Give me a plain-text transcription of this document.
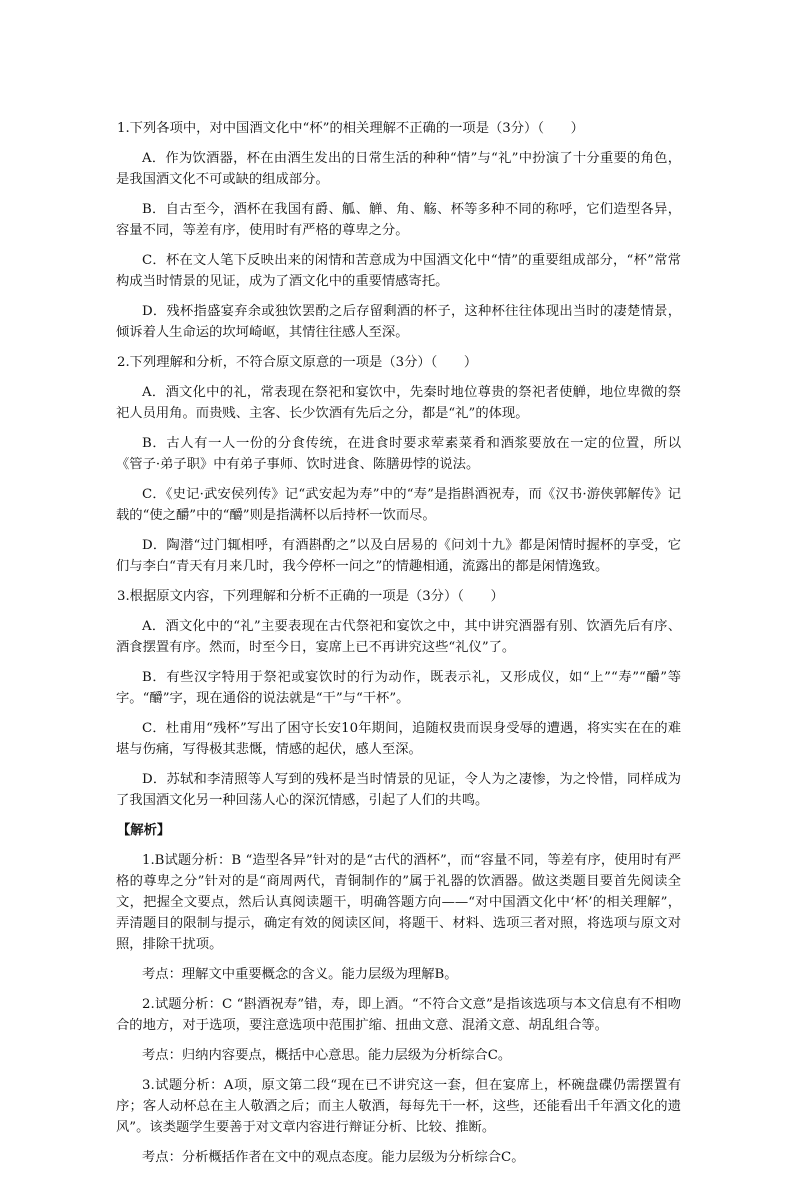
1.下列各项中，对中国酒文化中“杯”的相关理解不正确的一项是（3分）（　　）

A．作为饮酒器，杯在由酒生发出的日常生活的种种“情”与“礼”中扮演了十分重要的角色，是我国酒文化不可或缺的组成部分。

B．自古至今，酒杯在我国有爵、觚、觯、角、觞、杯等多种不同的称呼，它们造型各异，容量不同，等差有序，使用时有严格的尊卑之分。

C．杯在文人笔下反映出来的闲情和苦意成为中国酒文化中“情”的重要组成部分，“杯”常常构成当时情景的见证，成为了酒文化中的重要情感寄托。

D．残杯指盛宴弃余或独饮罢酌之后存留剩酒的杯子，这种杯往往体现出当时的凄楚情景，倾诉着人生命运的坎坷崎岖，其情往往感人至深。

2.下列理解和分析，不符合原文原意的一项是（3分）（　　）

A．酒文化中的礼，常表现在祭祀和宴饮中，先秦时地位尊贵的祭祀者使觯，地位卑微的祭祀人员用角。而贵贱、主客、长少饮酒有先后之分，都是“礼”的体现。

B．古人有一人一份的分食传统，在进食时要求荤素菜肴和酒浆要放在一定的位置，所以《管子·弟子职》中有弟子事师、饮时进食、陈膳毋悖的说法。

C．《史记·武安侯列传》记“武安起为寿”中的“寿”是指斟酒祝寿，而《汉书·游侠郭解传》记载的“使之釂”中的“釂”则是指满杯以后持杯一饮而尽。

D．陶潜“过门辄相呼，有酒斟酌之”以及白居易的《问刘十九》都是闲情时握杯的享受，它们与李白“青天有月来几时，我今停杯一问之”的情趣相通，流露出的都是闲情逸致。

3.根据原文内容，下列理解和分析不正确的一项是（3分）（　　）

A．酒文化中的“礼”主要表现在古代祭祀和宴饮之中，其中讲究酒器有别、饮酒先后有序、酒食摆置有序。然而，时至今日，宴席上已不再讲究这些“礼仪”了。

B．有些汉字特用于祭祀或宴饮时的行为动作，既表示礼，又形成仪，如“上”“寿”“釂”等字。“釂”字，现在通俗的说法就是“干”与“干杯”。

C．杜甫用“残杯”写出了困守长安10年期间，追随权贵而误身受辱的遭遇，将实实在在的难堪与伤痛，写得极其悲慨，情感的起伏，感人至深。

D．苏轼和李清照等人写到的残杯是当时情景的见证，令人为之凄惨，为之怜惜，同样成为了我国酒文化另一种回荡人心的深沉情感，引起了人们的共鸣。

【解析】

1.B试题分析：B “造型各异”针对的是“古代的酒杯”，而“容量不同，等差有序，使用时有严格的尊卑之分”针对的是“商周两代，青铜制作的”属于礼器的饮酒器。做这类题目要首先阅读全文，把握全文要点，然后认真阅读题干，明确答题方向——“对中国酒文化中‘杯’的相关理解”，弄清题目的限制与提示，确定有效的阅读区间，将题干、材料、选项三者对照，将选项与原文对照，排除干扰项。

考点：理解文中重要概念的含义。能力层级为理解B。

2.试题分析：C “斟酒祝寿”错，寿，即上酒。“不符合文意”是指该选项与本文信息有不相吻合的地方，对于选项，要注意选项中范围扩缩、扭曲文意、混淆文意、胡乱组合等。

考点：归纳内容要点，概括中心意思。能力层级为分析综合C。

3.试题分析：A项，原文第二段“现在已不讲究这一套，但在宴席上，杯碗盘碟仍需摆置有序；客人动杯总在主人敬酒之后；而主人敬酒，每每先干一杯，这些，还能看出千年酒文化的遗风”。该类题学生要善于对文章内容进行辩证分析、比较、推断。

考点：分析概括作者在文中的观点态度。能力层级为分析综合C。
